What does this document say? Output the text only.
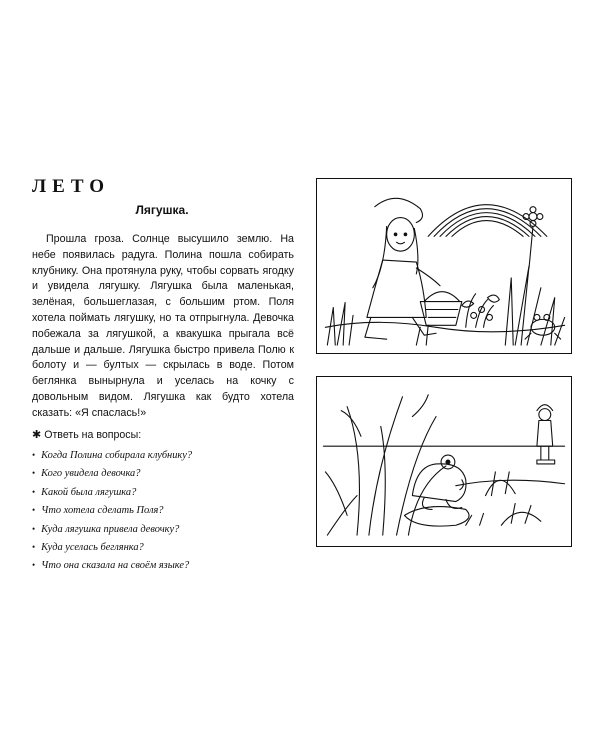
ЛЕТО
Лягушка.

Прошла гроза. Солнце высушило землю. На небе появилась радуга. Полина пошла собирать клубнику. Она протянула руку, чтобы сорвать ягодку и увидела лягушку. Лягушка была маленькая, зелёная, большеглазая, с большим ртом. Поля хотела поймать лягушку, но та отпрыгнула. Девочка побежала за лягушкой, а квакушка прыгала всё дальше и дальше. Лягушка быстро привела Полю к болоту и — бултых — скрылась в воде. Потом беглянка вынырнула и уселась на кочку с довольным видом. Лягушка как будто хотела сказать: «Я спаслась!»

✱ Ответь на вопросы:
• Когда Полина собирала клубнику?
• Кого увидела девочка?
• Какой была лягушка?
• Что хотела сделать Поля?
• Куда лягушка привела девочку?
• Куда уселась беглянка?
• Что она сказала на своём языке?
